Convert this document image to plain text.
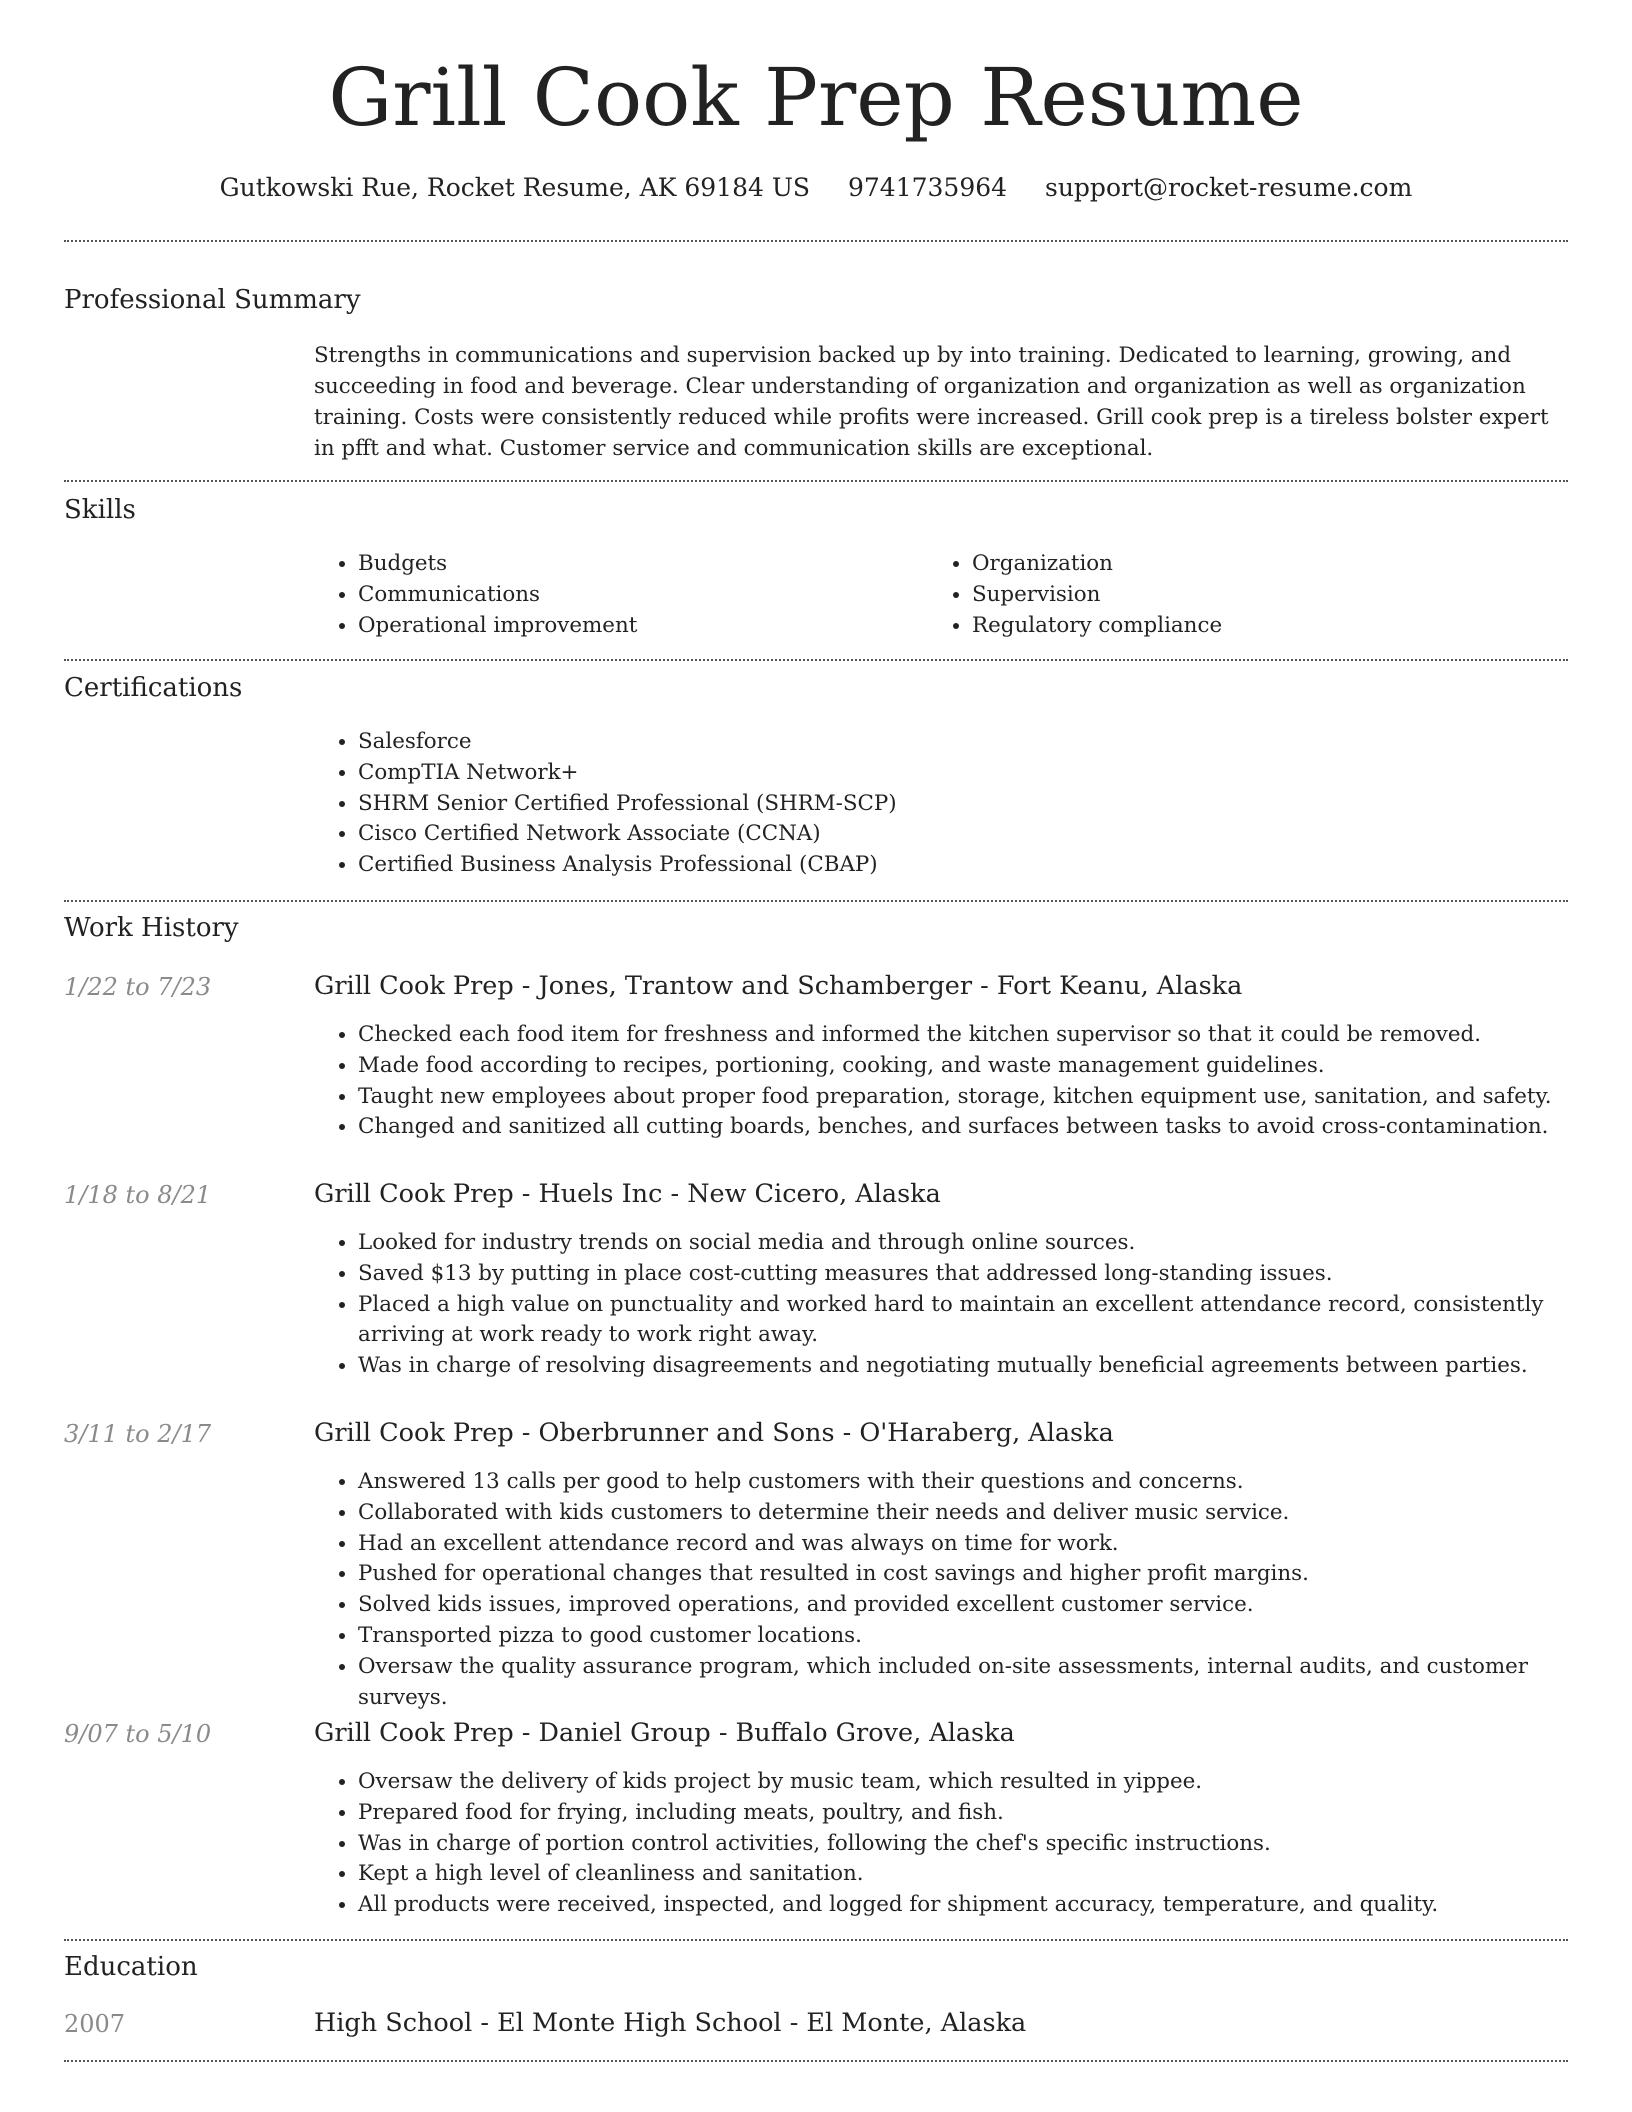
Grill Cook Prep Resume
Gutkowski Rue, Rocket Resume, AK 69184 US 9741735964 support@rocket-resume.com
Professional Summary
Strengths in communications and supervision backed up by into training. Dedicated to learning, growing, and succeeding in food and beverage. Clear understanding of organization and organization as well as organization training. Costs were consistently reduced while profits were increased. Grill cook prep is a tireless bolster expert in pfft and what. Customer service and communication skills are exceptional.
Skills
• Budgets
• Communications
• Operational improvement
• Organization
• Supervision
• Regulatory compliance
Certifications
• Salesforce
• CompTIA Network+
• SHRM Senior Certified Professional (SHRM-SCP)
• Cisco Certified Network Associate (CCNA)
• Certified Business Analysis Professional (CBAP)
Work History
1/22 to 7/23	Grill Cook Prep - Jones, Trantow and Schamberger - Fort Keanu, Alaska
• Checked each food item for freshness and informed the kitchen supervisor so that it could be removed.
• Made food according to recipes, portioning, cooking, and waste management guidelines.
• Taught new employees about proper food preparation, storage, kitchen equipment use, sanitation, and safety.
• Changed and sanitized all cutting boards, benches, and surfaces between tasks to avoid cross-contamination.
1/18 to 8/21	Grill Cook Prep - Huels Inc - New Cicero, Alaska
• Looked for industry trends on social media and through online sources.
• Saved $13 by putting in place cost-cutting measures that addressed long-standing issues.
• Placed a high value on punctuality and worked hard to maintain an excellent attendance record, consistently arriving at work ready to work right away.
• Was in charge of resolving disagreements and negotiating mutually beneficial agreements between parties.
3/11 to 2/17	Grill Cook Prep - Oberbrunner and Sons - O'Haraberg, Alaska
• Answered 13 calls per good to help customers with their questions and concerns.
• Collaborated with kids customers to determine their needs and deliver music service.
• Had an excellent attendance record and was always on time for work.
• Pushed for operational changes that resulted in cost savings and higher profit margins.
• Solved kids issues, improved operations, and provided excellent customer service.
• Transported pizza to good customer locations.
• Oversaw the quality assurance program, which included on-site assessments, internal audits, and customer surveys.
9/07 to 5/10	Grill Cook Prep - Daniel Group - Buffalo Grove, Alaska
• Oversaw the delivery of kids project by music team, which resulted in yippee.
• Prepared food for frying, including meats, poultry, and fish.
• Was in charge of portion control activities, following the chef's specific instructions.
• Kept a high level of cleanliness and sanitation.
• All products were received, inspected, and logged for shipment accuracy, temperature, and quality.
Education
2007	High School - El Monte High School - El Monte, Alaska
